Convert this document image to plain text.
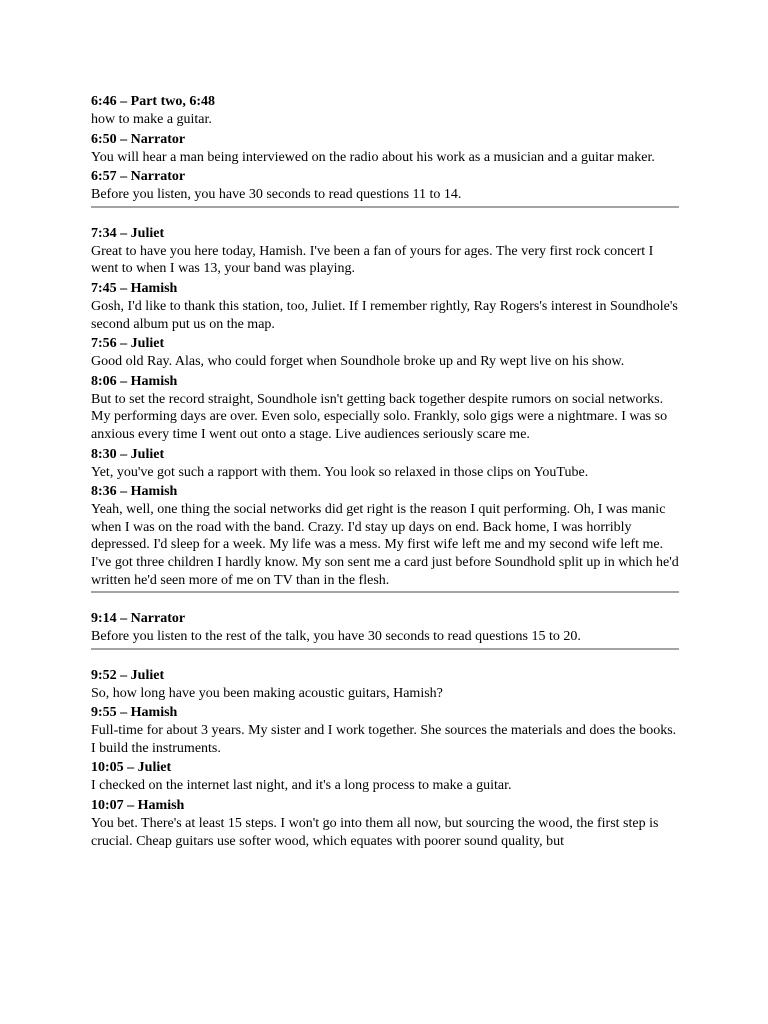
6:46 – Part two, 6:48
how to make a guitar.
6:50 – Narrator
You will hear a man being interviewed on the radio about his work as a musician and a guitar maker.
6:57 – Narrator
Before you listen, you have 30 seconds to read questions 11 to 14.
7:34 – Juliet
Great to have you here today, Hamish. I've been a fan of yours for ages. The very first rock concert I went to when I was 13, your band was playing.
7:45 – Hamish
Gosh, I'd like to thank this station, too, Juliet. If I remember rightly, Ray Rogers's interest in Soundhole's second album put us on the map.
7:56 – Juliet
Good old Ray. Alas, who could forget when Soundhole broke up and Ry wept live on his show.
8:06 – Hamish
But to set the record straight, Soundhole isn't getting back together despite rumors on social networks. My performing days are over. Even solo, especially solo. Frankly, solo gigs were a nightmare. I was so anxious every time I went out onto a stage. Live audiences seriously scare me.
8:30 – Juliet
Yet, you've got such a rapport with them. You look so relaxed in those clips on YouTube.
8:36 – Hamish
Yeah, well, one thing the social networks did get right is the reason I quit performing. Oh, I was manic when I was on the road with the band. Crazy. I'd stay up days on end. Back home, I was horribly depressed. I'd sleep for a week. My life was a mess. My first wife left me and my second wife left me. I've got three children I hardly know. My son sent me a card just before Soundhold split up in which he'd written he'd seen more of me on TV than in the flesh.
9:14 – Narrator
Before you listen to the rest of the talk, you have 30 seconds to read questions 15 to 20.
9:52 – Juliet
So, how long have you been making acoustic guitars, Hamish?
9:55 – Hamish
Full-time for about 3 years. My sister and I work together. She sources the materials and does the books. I build the instruments.
10:05 – Juliet
I checked on the internet last night, and it's a long process to make a guitar.
10:07 – Hamish
You bet. There's at least 15 steps. I won't go into them all now, but sourcing the wood, the first step is crucial. Cheap guitars use softer wood, which equates with poorer sound quality, but
